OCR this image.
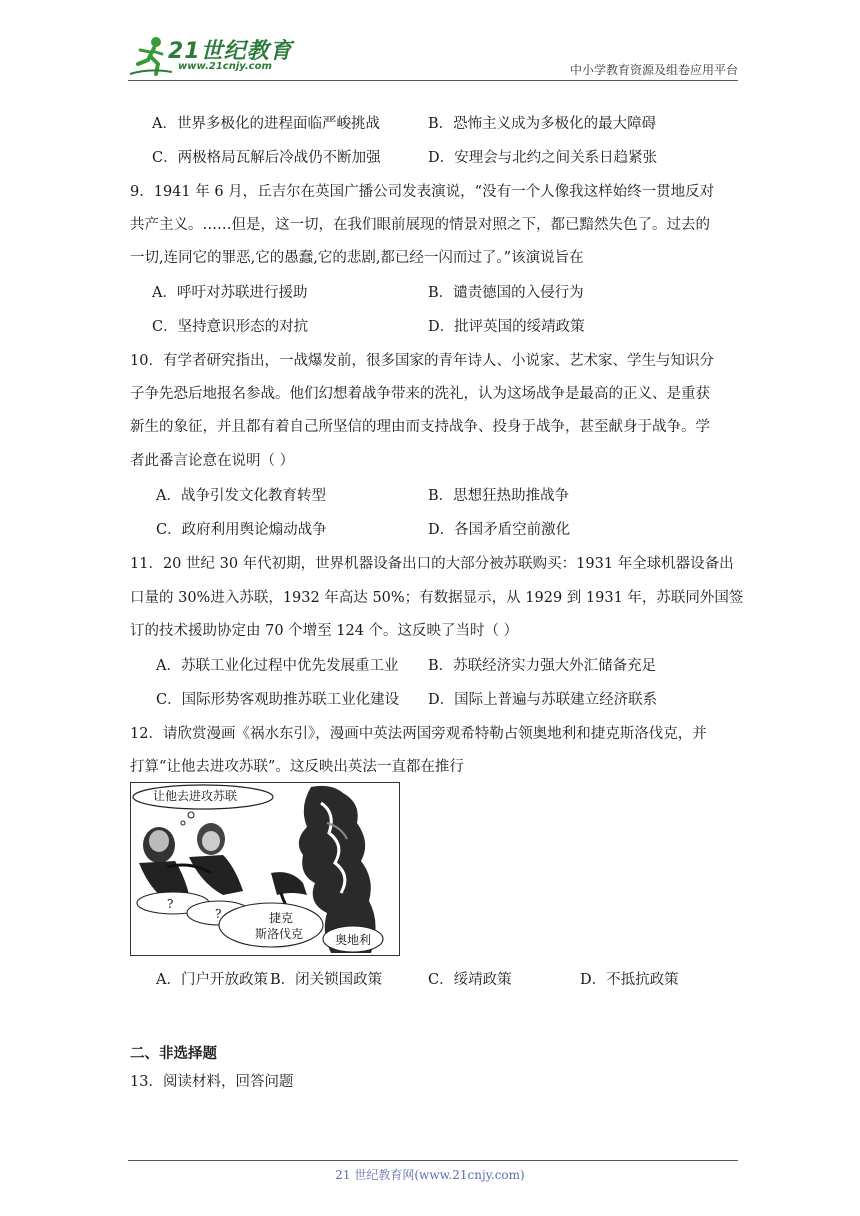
21世纪教育
www.21cnjy.com	中小学教育资源及组卷应用平台
A．世界多极化的进程面临严峻挑战	B．恐怖主义成为多极化的最大障碍
C．两极格局瓦解后冷战仍不断加强	D．安理会与北约之间关系日趋紧张
9．1941 年 6 月，丘吉尔在英国广播公司发表演说，“没有一个人像我这样始终一贯地反对
共产主义。……但是，这一切，在我们眼前展现的情景对照之下，都已黯然失色了。过去的
一切,连同它的罪恶,它的愚蠢,它的悲剧,都已经一闪而过了。”该演说旨在
A．呼吁对苏联进行援助	B．谴责德国的入侵行为
C．坚持意识形态的对抗	D．批评英国的绥靖政策
10．有学者研究指出，一战爆发前，很多国家的青年诗人、小说家、艺术家、学生与知识分
子争先恐后地报名参战。他们幻想着战争带来的洗礼，认为这场战争是最高的正义、是重获
新生的象征，并且都有着自己所坚信的理由而支持战争、投身于战争，甚至献身于战争。学
者此番言论意在说明（ ）
A．战争引发文化教育转型	B．思想狂热助推战争
C．政府利用舆论煽动战争	D．各国矛盾空前激化
11．20 世纪 30 年代初期，世界机器设备出口的大部分被苏联购买：1931 年全球机器设备出
口量的 30%进入苏联，1932 年高达 50%；有数据显示，从 1929 到 1931 年，苏联同外国签
订的技术援助协定由 70 个增至 124 个。这反映了当时（ ）
A．苏联工业化过程中优先发展重工业 B．苏联经济实力强大外汇储备充足
C．国际形势客观助推苏联工业化建设 D．国际上普遍与苏联建立经济联系
12．请欣赏漫画《祸水东引》，漫画中英法两国旁观希特勒占领奥地利和捷克斯洛伐克，并
打算“让他去进攻苏联”。这反映出英法一直都在推行
让他去进攻苏联
?
?	捷克
斯洛伐克	奥地利
A．门户开放政策 B．闭关锁国政策	C．绥靖政策	D．不抵抗政策
二、非选择题
13．阅读材料，回答问题
21 世纪教育网(www.21cnjy.com)
